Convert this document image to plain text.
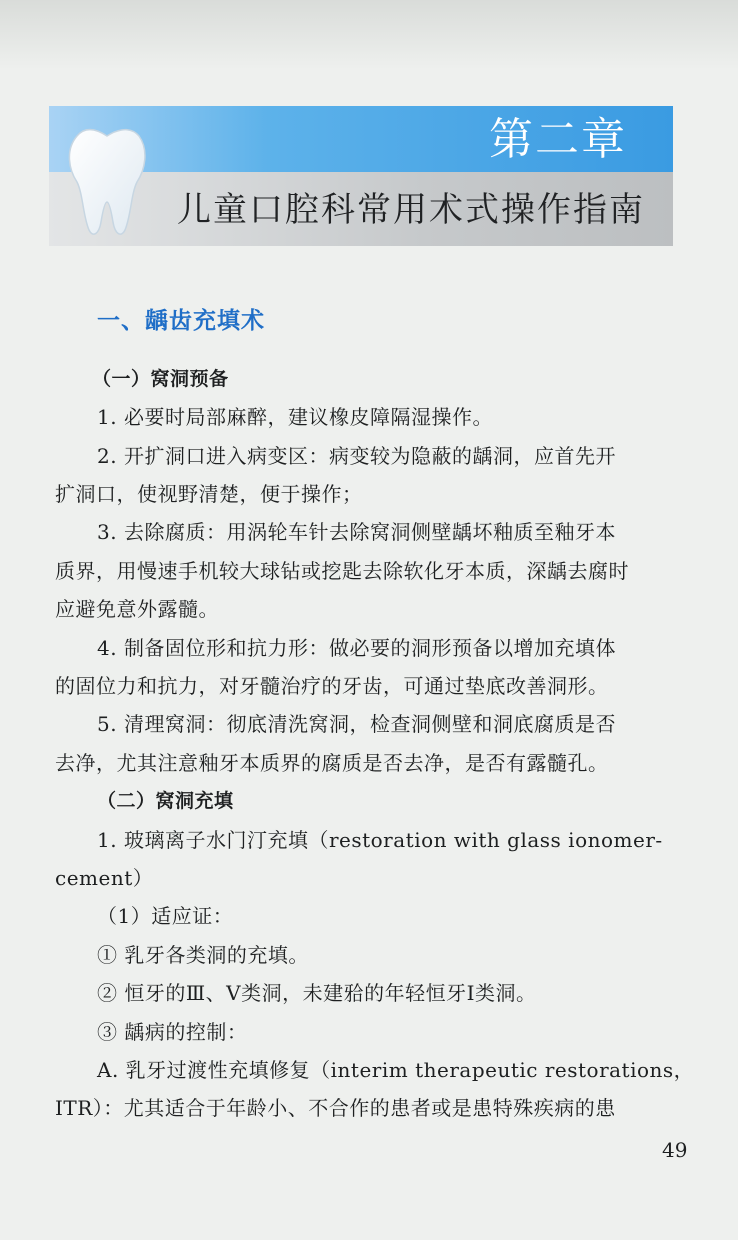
第二章
儿童口腔科常用术式操作指南
一、龋齿充填术
（一）窝洞预备
1. 必要时局部麻醉，建议橡皮障隔湿操作。
2. 开扩洞口进入病变区：病变较为隐蔽的龋洞，应首先开
扩洞口，使视野清楚，便于操作；
3. 去除腐质：用涡轮车针去除窝洞侧壁龋坏釉质至釉牙本
质界，用慢速手机较大球钻或挖匙去除软化牙本质，深龋去腐时
应避免意外露髓。
4. 制备固位形和抗力形：做必要的洞形预备以增加充填体
的固位力和抗力，对牙髓治疗的牙齿，可通过垫底改善洞形。
5. 清理窝洞：彻底清洗窝洞，检查洞侧壁和洞底腐质是否
去净，尤其注意釉牙本质界的腐质是否去净，是否有露髓孔。
（二）窝洞充填
1. 玻璃离子水门汀充填（restoration with glass ionomer-
cement）
（1）适应证：
① 乳牙各类洞的充填。
② 恒牙的Ⅲ、Ⅴ类洞，未建𬌗的年轻恒牙Ⅰ类洞。
③ 龋病的控制：
A. 乳牙过渡性充填修复（interim therapeutic restorations，
ITR）：尤其适合于年龄小、不合作的患者或是患特殊疾病的患
49
